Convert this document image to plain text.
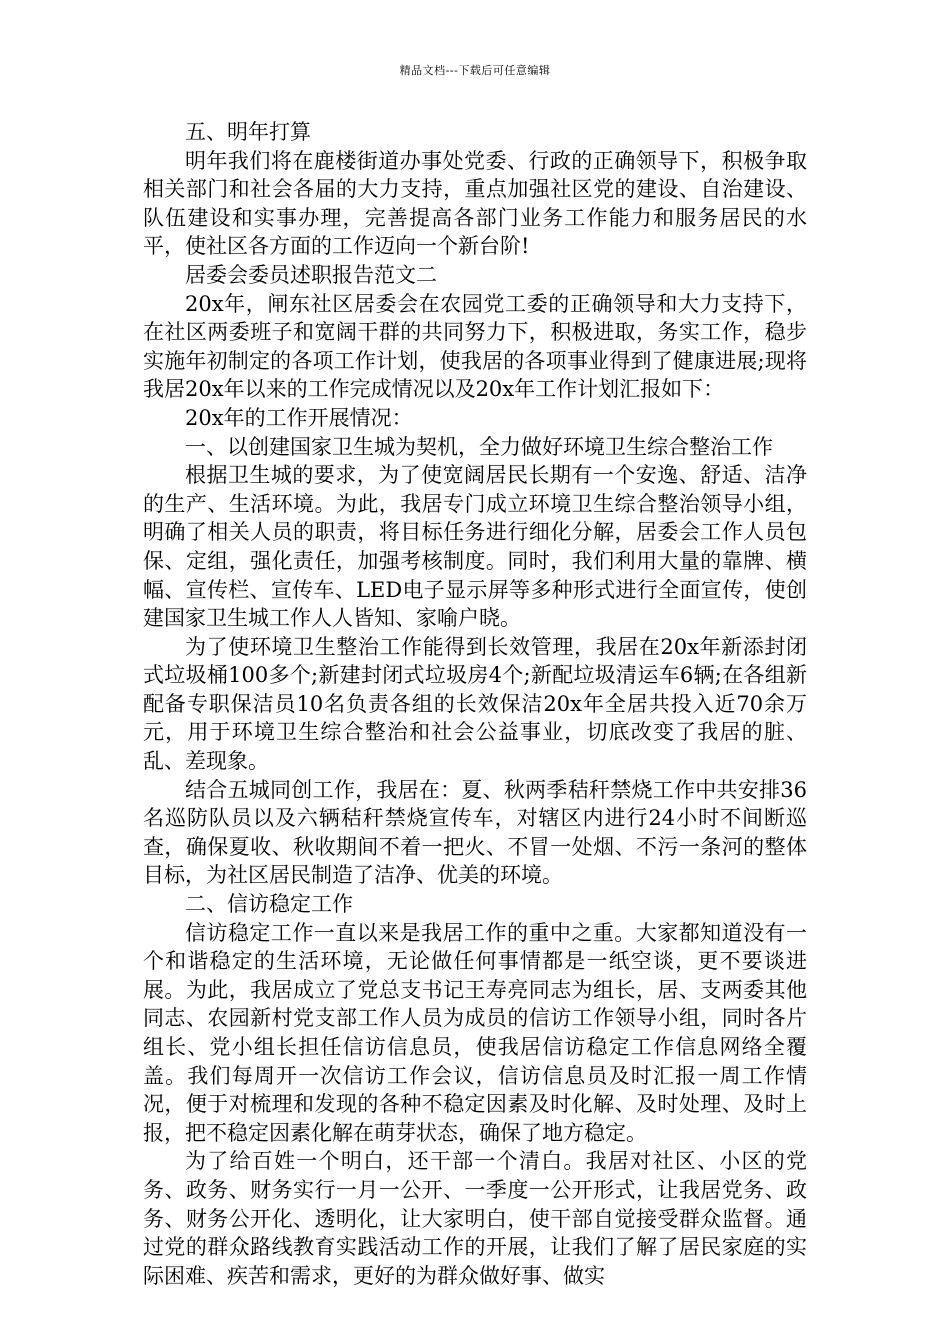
精品文档---下载后可任意编辑

五、明年打算

明年我们将在鹿楼街道办事处党委、行政的正确领导下，积极争取相关部门和社会各届的大力支持，重点加强社区党的建设、自治建设、队伍建设和实事办理，完善提高各部门业务工作能力和服务居民的水平，使社区各方面的工作迈向一个新台阶!

居委会委员述职报告范文二

20x年，闸东社区居委会在农园党工委的正确领导和大力支持下，在社区两委班子和宽阔干群的共同努力下，积极进取，务实工作，稳步实施年初制定的各项工作计划，使我居的各项事业得到了健康进展;现将我居20x年以来的工作完成情况以及20x年工作计划汇报如下：

20x年的工作开展情况：

一、以创建国家卫生城为契机，全力做好环境卫生综合整治工作

根据卫生城的要求，为了使宽阔居民长期有一个安逸、舒适、洁净的生产、生活环境。为此，我居专门成立环境卫生综合整治领导小组，明确了相关人员的职责，将目标任务进行细化分解，居委会工作人员包保、定组，强化责任，加强考核制度。同时，我们利用大量的靠牌、横幅、宣传栏、宣传车、LED电子显示屏等多种形式进行全面宣传，使创建国家卫生城工作人人皆知、家喻户晓。

为了使环境卫生整治工作能得到长效管理，我居在20x年新添封闭式垃圾桶100多个;新建封闭式垃圾房4个;新配垃圾清运车6辆;在各组新配备专职保洁员10名负责各组的长效保洁20x年全居共投入近70余万元，用于环境卫生综合整治和社会公益事业，切底改变了我居的脏、乱、差现象。

结合五城同创工作，我居在：夏、秋两季秸秆禁烧工作中共安排36名巡防队员以及六辆秸秆禁烧宣传车，对辖区内进行24小时不间断巡查，确保夏收、秋收期间不着一把火、不冒一处烟、不污一条河的整体目标，为社区居民制造了洁净、优美的环境。

二、信访稳定工作

信访稳定工作一直以来是我居工作的重中之重。大家都知道没有一个和谐稳定的生活环境，无论做任何事情都是一纸空谈，更不要谈进展。为此，我居成立了党总支书记王寿亮同志为组长，居、支两委其他同志、农园新村党支部工作人员为成员的信访工作领导小组，同时各片组长、党小组长担任信访信息员，使我居信访稳定工作信息网络全覆盖。我们每周开一次信访工作会议，信访信息员及时汇报一周工作情况，便于对梳理和发现的各种不稳定因素及时化解、及时处理、及时上报，把不稳定因素化解在萌芽状态，确保了地方稳定。

为了给百姓一个明白，还干部一个清白。我居对社区、小区的党务、政务、财务实行一月一公开、一季度一公开形式，让我居党务、政务、财务公开化、透明化，让大家明白，使干部自觉接受群众监督。通过党的群众路线教育实践活动工作的开展，让我们了解了居民家庭的实际困难、疾苦和需求，更好的为群众做好事、做实
